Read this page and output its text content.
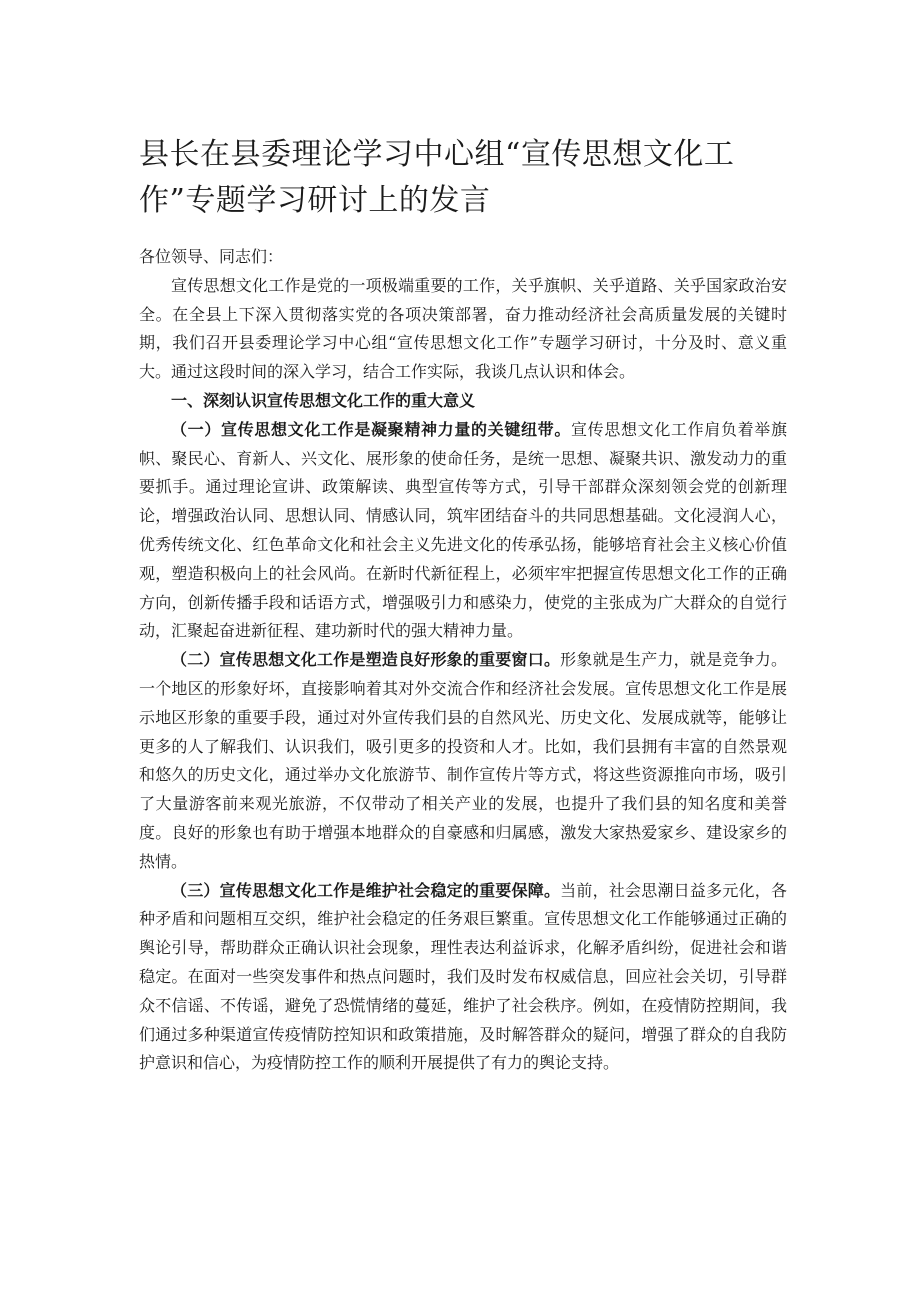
县长在县委理论学习中心组“宣传思想文化工作”专题学习研讨上的发言

各位领导、同志们：

宣传思想文化工作是党的一项极端重要的工作，关乎旗帜、关乎道路、关乎国家政治安全。在全县上下深入贯彻落实党的各项决策部署，奋力推动经济社会高质量发展的关键时期，我们召开县委理论学习中心组“宣传思想文化工作”专题学习研讨，十分及时、意义重大。通过这段时间的深入学习，结合工作实际，我谈几点认识和体会。

一、深刻认识宣传思想文化工作的重大意义

（一）宣传思想文化工作是凝聚精神力量的关键纽带。宣传思想文化工作肩负着举旗帜、聚民心、育新人、兴文化、展形象的使命任务，是统一思想、凝聚共识、激发动力的重要抓手。通过理论宣讲、政策解读、典型宣传等方式，引导干部群众深刻领会党的创新理论，增强政治认同、思想认同、情感认同，筑牢团结奋斗的共同思想基础。文化浸润人心，优秀传统文化、红色革命文化和社会主义先进文化的传承弘扬，能够培育社会主义核心价值观，塑造积极向上的社会风尚。在新时代新征程上，必须牢牢把握宣传思想文化工作的正确方向，创新传播手段和话语方式，增强吸引力和感染力，使党的主张成为广大群众的自觉行动，汇聚起奋进新征程、建功新时代的强大精神力量。

（二）宣传思想文化工作是塑造良好形象的重要窗口。形象就是生产力，就是竞争力。一个地区的形象好坏，直接影响着其对外交流合作和经济社会发展。宣传思想文化工作是展示地区形象的重要手段，通过对外宣传我们县的自然风光、历史文化、发展成就等，能够让更多的人了解我们、认识我们，吸引更多的投资和人才。比如，我们县拥有丰富的自然景观和悠久的历史文化，通过举办文化旅游节、制作宣传片等方式，将这些资源推向市场，吸引了大量游客前来观光旅游，不仅带动了相关产业的发展，也提升了我们县的知名度和美誉度。良好的形象也有助于增强本地群众的自豪感和归属感，激发大家热爱家乡、建设家乡的热情。

（三）宣传思想文化工作是维护社会稳定的重要保障。当前，社会思潮日益多元化，各种矛盾和问题相互交织，维护社会稳定的任务艰巨繁重。宣传思想文化工作能够通过正确的舆论引导，帮助群众正确认识社会现象，理性表达利益诉求，化解矛盾纠纷，促进社会和谐稳定。在面对一些突发事件和热点问题时，我们及时发布权威信息，回应社会关切，引导群众不信谣、不传谣，避免了恐慌情绪的蔓延，维护了社会秩序。例如，在疫情防控期间，我们通过多种渠道宣传疫情防控知识和政策措施，及时解答群众的疑问，增强了群众的自我防护意识和信心，为疫情防控工作的顺利开展提供了有力的舆论支持。
